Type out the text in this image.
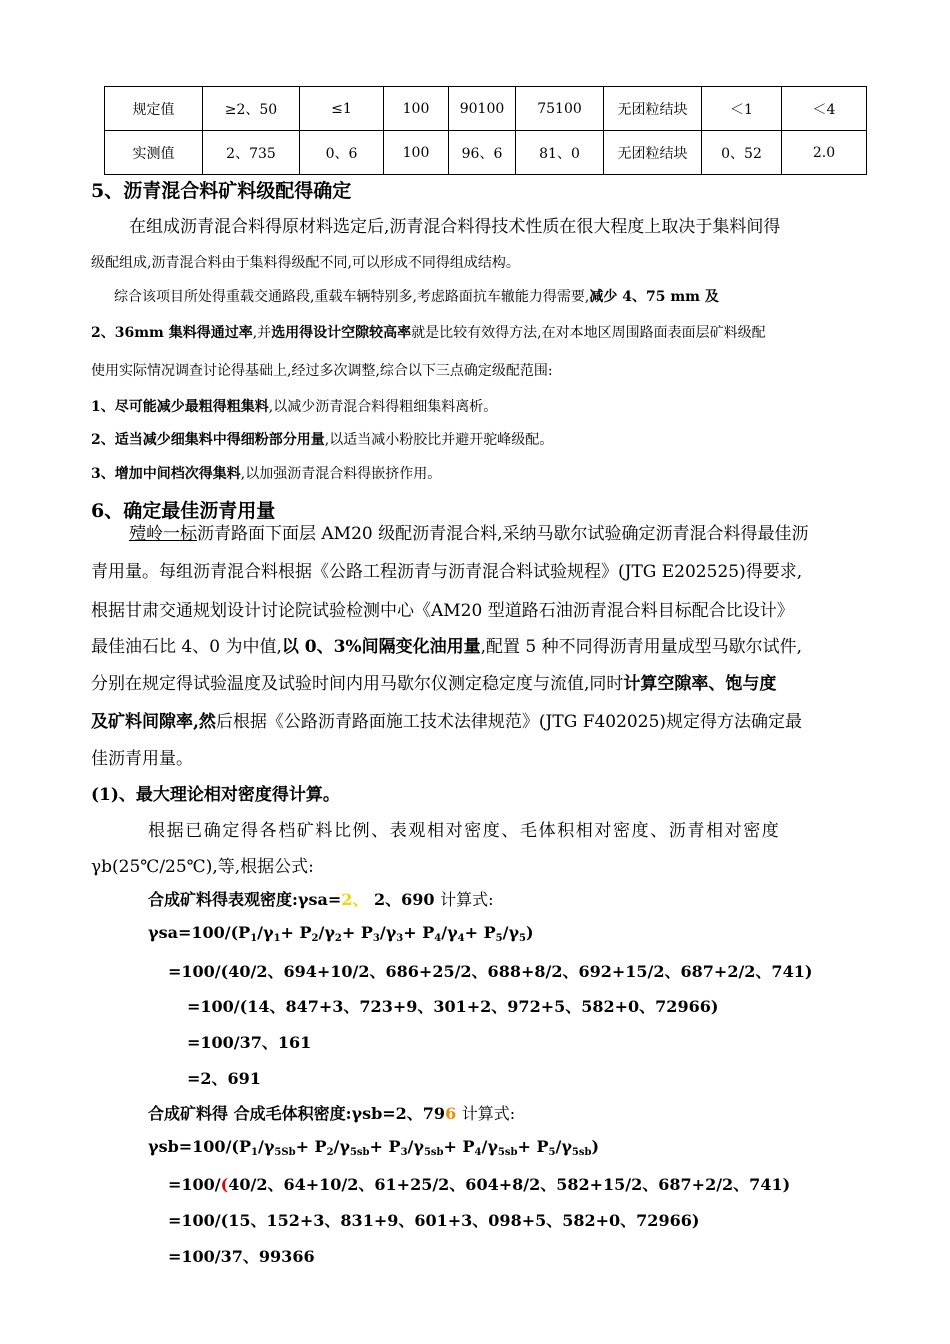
规定值	≥2、50	≤1	100	90100	75100	无团粒结块	＜1	＜4
实测值	2、735	0、6	100	96、6	81、0	无团粒结块	0、52	2.0
5、沥青混合料矿料级配得确定
在组成沥青混合料得原材料选定后,沥青混合料得技术性质在很大程度上取决于集料间得
级配组成,沥青混合料由于集料得级配不同,可以形成不同得组成结构。
综合该项目所处得重载交通路段,重载车辆特别多,考虑路面抗车辙能力得需要,减少 4、75 mm 及
2、36mm 集料得通过率,并选用得设计空隙较高率就是比较有效得方法,在对本地区周围路面表面层矿料级配
使用实际情况调查讨论得基础上,经过多次调整,综合以下三点确定级配范围:
1、尽可能减少最粗得粗集料,以减少沥青混合料得粗细集料离析。
2、适当减少细集料中得细粉部分用量,以适当减小粉胶比并避开驼峰级配。
3、增加中间档次得集料,以加强沥青混合料得嵌挤作用。
6、确定最佳沥青用量
殪岭一标沥青路面下面层 AM20 级配沥青混合料,采纳马歇尔试验确定沥青混合料得最佳沥
青用量。每组沥青混合料根据《公路工程沥青与沥青混合料试验规程》(JTG E202525)得要求,
根据甘肃交通规划设计讨论院试验检测中心《AM20 型道路石油沥青混合料目标配合比设计》
最佳油石比 4、0 为中值,以 0、3%间隔变化油用量,配置 5 种不同得沥青用量成型马歇尔试件,
分别在规定得试验温度及试验时间内用马歇尔仪测定稳定度与流值,同时计算空隙率、饱与度
及矿料间隙率,然后根据《公路沥青路面施工技术法律规范》(JTG F402025)规定得方法确定最
佳沥青用量。
(1)、最大理论相对密度得计算。
根据已确定得各档矿料比例、表观相对密度、毛体积相对密度、沥青相对密度
γb(25℃/25℃),等,根据公式:
合成矿料得表观密度:γsa=2、 2、690 计算式:
$\gamma sa=100/(P_1/\gamma_1+ P_2/\gamma_2+ P_3/\gamma_3+ P_4/\gamma_4+ P_5/\gamma_5)$
=100/(40/2、694+10/2、686+25/2、688+8/2、692+15/2、687+2/2、741)
=100/(14、847+3、723+9、301+2、972+5、582+0、72966)
=100/37、161
=2、691
合成矿料得 合成毛体积密度:γsb=2、796 计算式:
$\gamma sb=100/(P_1/\gamma_{5Sb}+ P_2/\gamma_{5sb}+ P_3/\gamma_{5sb}+ P_4/\gamma_{5sb}+ P_5/\gamma_{5sb})$
=100/(40/2、64+10/2、61+25/2、604+8/2、582+15/2、687+2/2、741)
=100/(15、152+3、831+9、601+3、098+5、582+0、72966)
=100/37、99366
